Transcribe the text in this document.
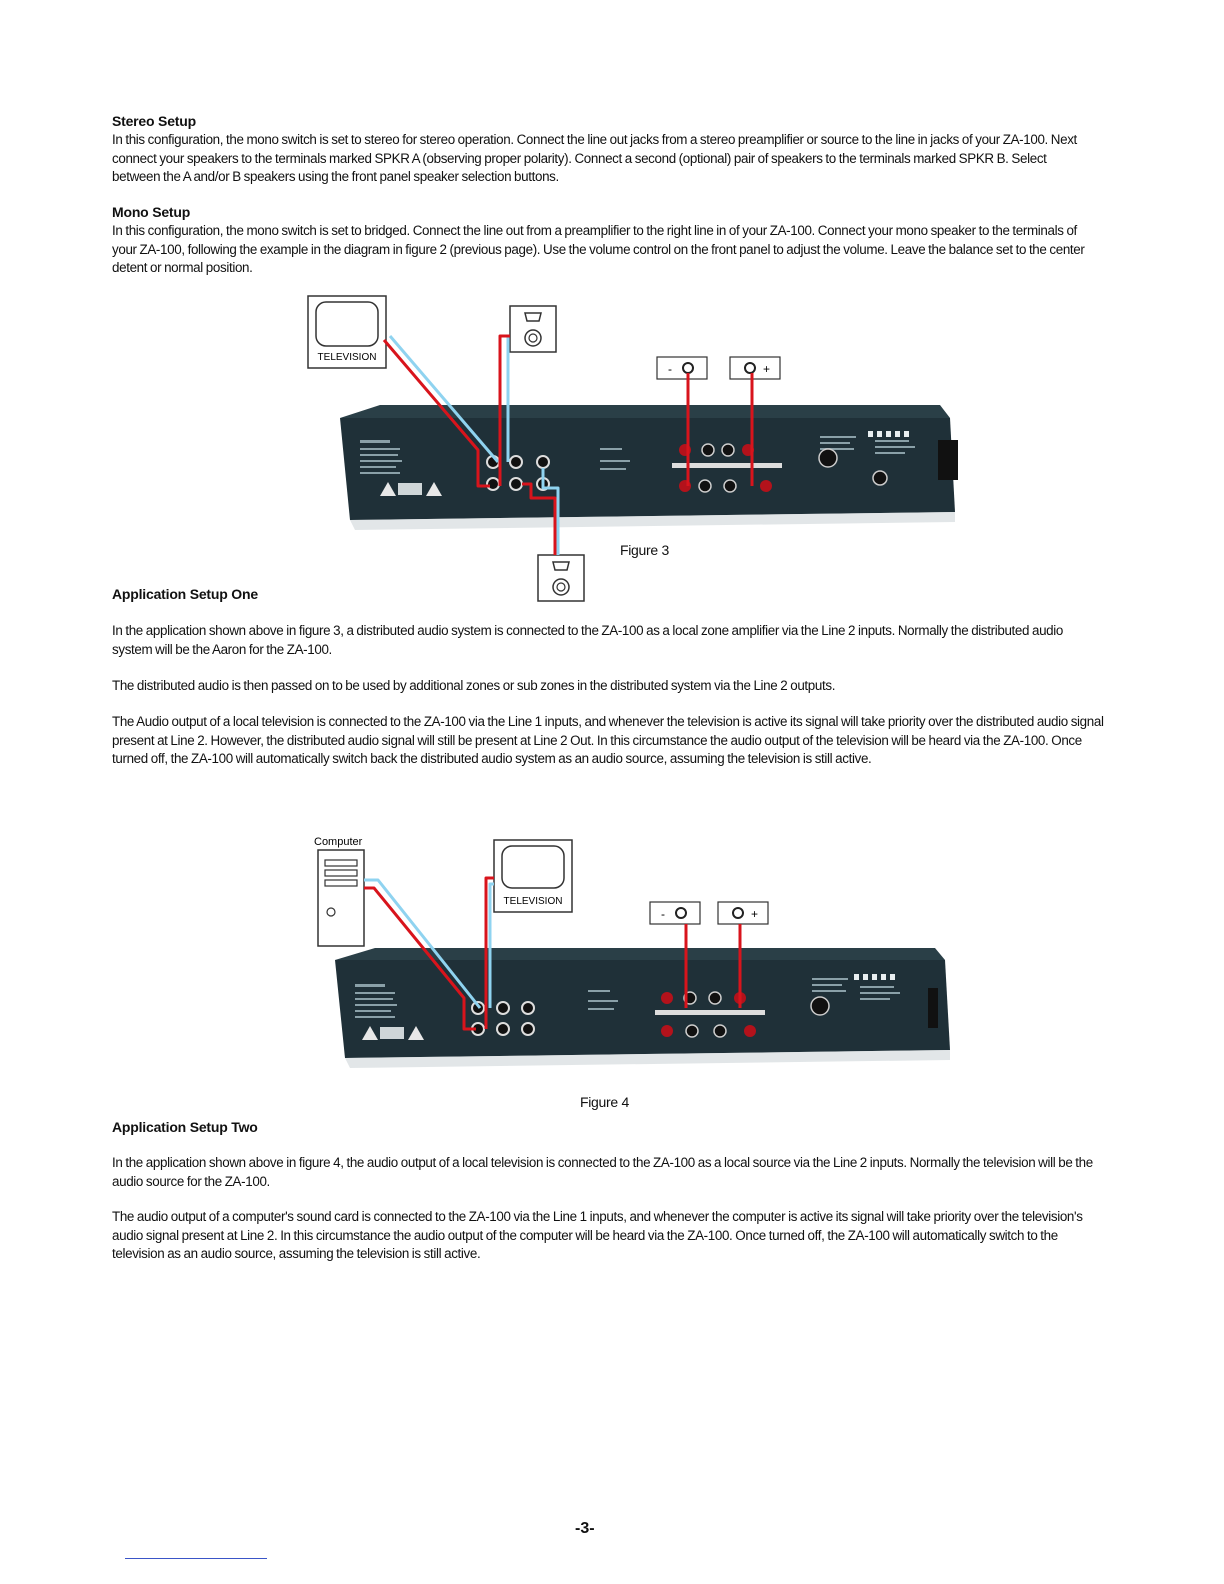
Stereo Setup

In this configuration, the mono switch is set to stereo for stereo operation. Connect the line out jacks from a stereo preamplifier or source to the line in jacks of your ZA-100. Next connect your speakers to the terminals marked SPKR A (observing proper polarity). Connect a second (optional) pair of speakers to the terminals marked SPKR B. Select between the A and/or B speakers using the front panel speaker selection buttons.

Mono Setup

In this configuration, the mono switch is set to bridged. Connect the line out from a preamplifier to the right line in of your ZA-100. Connect your mono speaker to the terminals of your ZA-100, following the example in the diagram in figure 2 (previous page). Use the volume control on the front panel to adjust the volume. Leave the balance set to the center detent or normal position.

TELEVISION
-	+
Figure 3
Application Setup One

In the application shown above in figure 3, a distributed audio system is connected to the ZA-100 as a local zone amplifier via the Line 2 inputs. Normally the distributed audio system will be the Aaron for the ZA-100.

The distributed audio is then passed on to be used by additional zones or sub zones in the distributed system via the Line 2 outputs.

The Audio output of a local television is connected to the ZA-100 via the Line 1 inputs, and whenever the television is active its signal will take priority over the distributed audio signal present at Line 2. However, the distributed audio signal will still be present at Line 2 Out. In this circumstance the audio output of the television will be heard via the ZA-100. Once turned off, the ZA-100 will automatically switch back the distributed audio system as an audio source, assuming the television is still active.

Computer
TELEVISION
-	+
Figure 4
Application Setup Two

In the application shown above in figure 4, the audio output of a local television is connected to the ZA-100 as a local source via the Line 2 inputs. Normally the television will be the audio source for the ZA-100.

The audio output of a computer's sound card is connected to the ZA-100 via the Line 1 inputs, and whenever the computer is active its signal will take priority over the television's audio signal present at Line 2. In this circumstance the audio output of the computer will be heard via the ZA-100. Once turned off, the ZA-100 will automatically switch to the television as an audio source, assuming the television is still active.

-3-
